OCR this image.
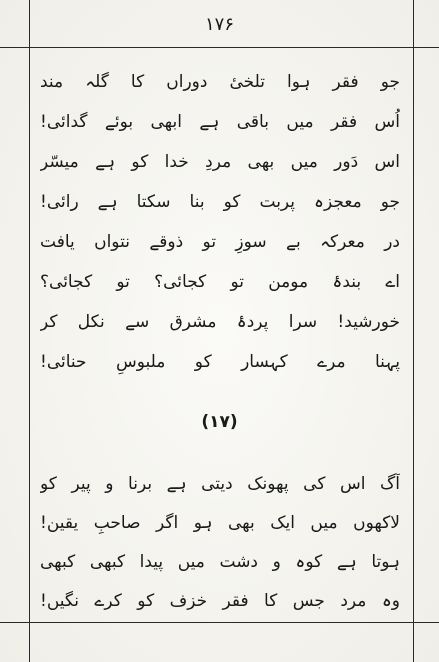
۱۷۶
جو فقر ہوا تلخیٔ دوراں کا گلہ مند
اُس فقر میں باقی ہے ابھی بوئے گدائی!
اس دَور میں بھی مردِ خدا کو ہے میسّر
جو معجزہ پربت کو بنا سکتا ہے رائی!
در معرکہ بے سوزِ تو ذوقے نتواں یافت
اے بندۂ مومن تو کجائی؟ تو کجائی؟
خورشید! سرا پردۂ مشرق سے نکل کر
پہنا مرے کہسار کو ملبوسِ حنائی!
(۱۷)
آگ اس کی پھونک دیتی ہے برنا و پیر کو
لاکھوں میں ایک بھی ہو اگر صاحبِ یقین!
ہوتا ہے کوہ و دشت میں پیدا کبھی کبھی
وہ مرد جس کا فقر خزف کو کرے نگیں!
